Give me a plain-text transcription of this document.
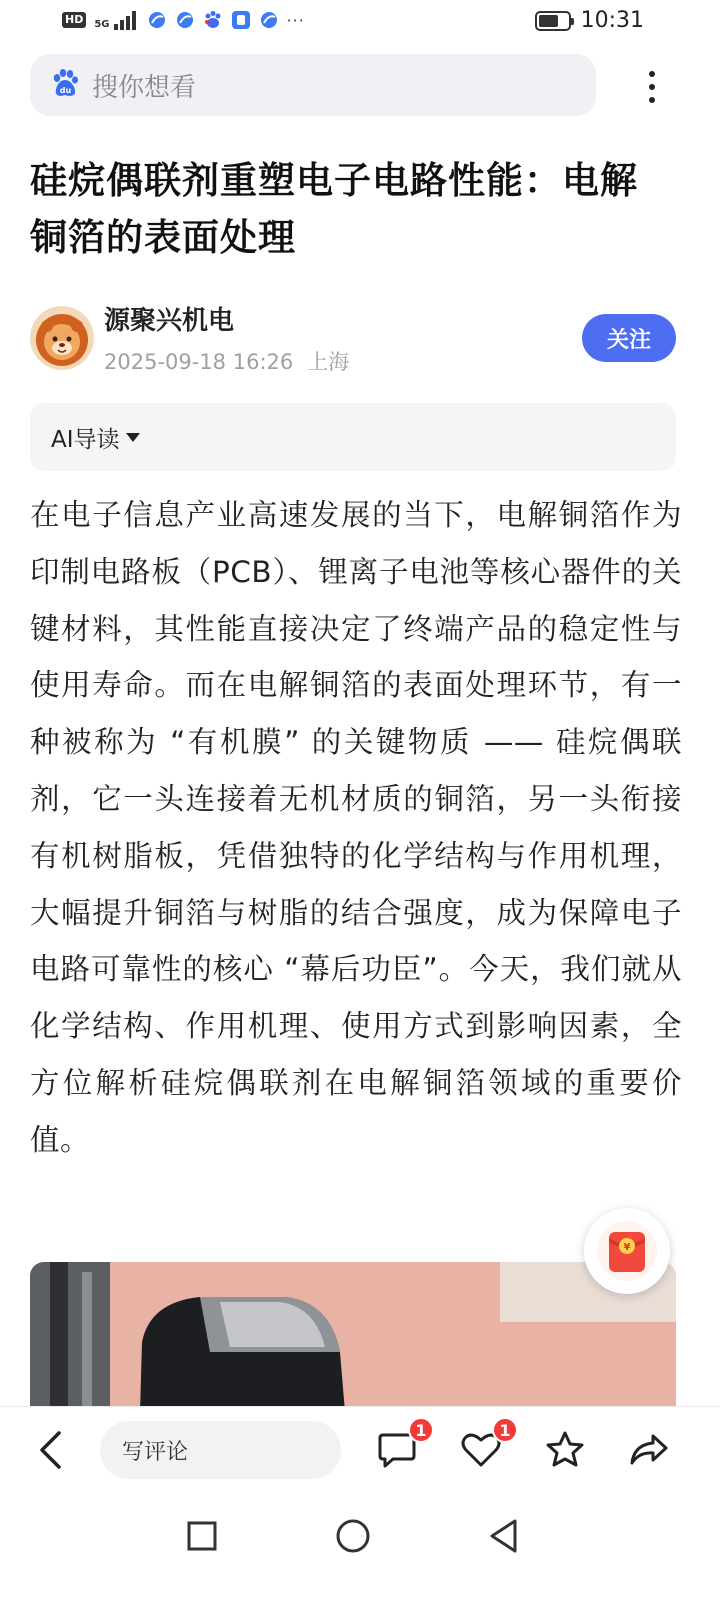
HD	5G	···	10:31
du 搜你想看
硅烷偶联剂重塑电子电路性能：电解铜箔的表面处理
源聚兴机电
2025-09-18 16:26 上海
关注
AI导读

在电子信息产业高速发展的当下，电解铜箔作为印制电路板（PCB）、锂离子电池等核心器件的关键材料，其性能直接决定了终端产品的稳定性与使用寿命。而在电解铜箔的表面处理环节，有一种被称为 “有机膜” 的关键物质 —— 硅烷偶联剂，它一头连接着无机材质的铜箔，另一头衔接有机树脂板，凭借独特的化学结构与作用机理，大幅提升铜箔与树脂的结合强度，成为保障电子电路可靠性的核心 “幕后功臣”。今天，我们就从化学结构、作用机理、使用方式到影响因素，全方位解析硅烷偶联剂在电解铜箔领域的重要价值。

¥
写评论
1	1
